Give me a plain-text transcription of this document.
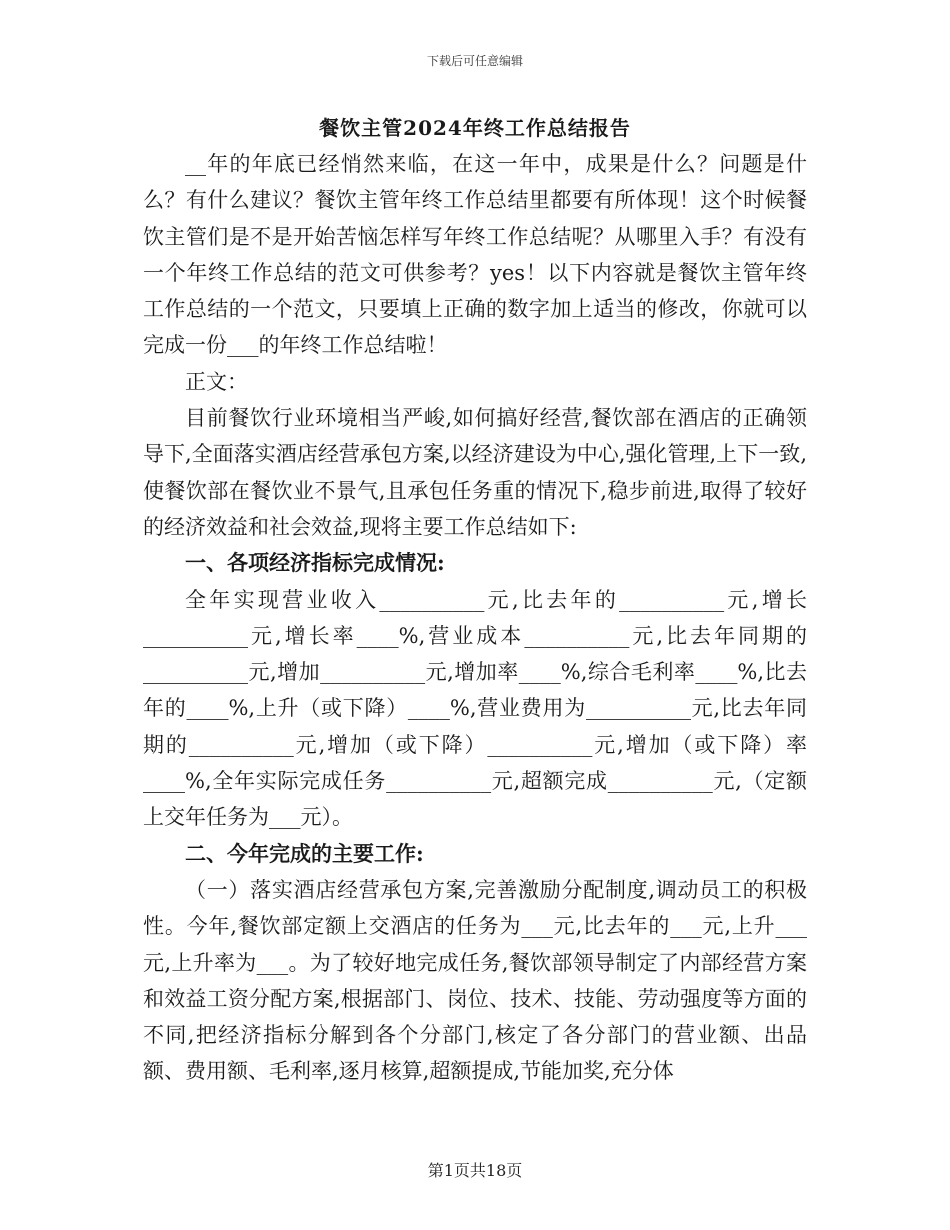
下载后可任意编辑
餐饮主管2024年终工作总结报告

__年的年底已经悄然来临，在这一年中，成果是什么？问题是什么？有什么建议？餐饮主管年终工作总结里都要有所体现！这个时候餐饮主管们是不是开始苦恼怎样写年终工作总结呢？从哪里入手？有没有一个年终工作总结的范文可供参考？yes！以下内容就是餐饮主管年终工作总结的一个范文，只要填上正确的数字加上适当的修改，你就可以完成一份___的年终工作总结啦！

正文：

目前餐饮行业环境相当严峻,如何搞好经营,餐饮部在酒店的正确领导下,全面落实酒店经营承包方案,以经济建设为中心,强化管理,上下一致,使餐饮部在餐饮业不景气,且承包任务重的情况下,稳步前进,取得了较好的经济效益和社会效益,现将主要工作总结如下:

一、各项经济指标完成情况:

全年实现营业收入__________元,比去年的__________元,增长__________元,增长率____%,营业成本__________元,比去年同期的__________元,增加__________元,增加率____%,综合毛利率____%,比去年的____%,上升（或下降）____%,营业费用为__________元,比去年同期的__________元,增加（或下降）__________元,增加（或下降）率____%,全年实际完成任务__________元,超额完成__________元,（定额上交年任务为___元）。

二、今年完成的主要工作:

（一）落实酒店经营承包方案,完善激励分配制度,调动员工的积极性。今年,餐饮部定额上交酒店的任务为___元,比去年的___元,上升___元,上升率为___。为了较好地完成任务,餐饮部领导制定了内部经营方案和效益工资分配方案,根据部门、岗位、技术、技能、劳动强度等方面的不同,把经济指标分解到各个分部门,核定了各分部门的营业额、出品额、费用额、毛利率,逐月核算,超额提成,节能加奖,充分体

第1页共18页
